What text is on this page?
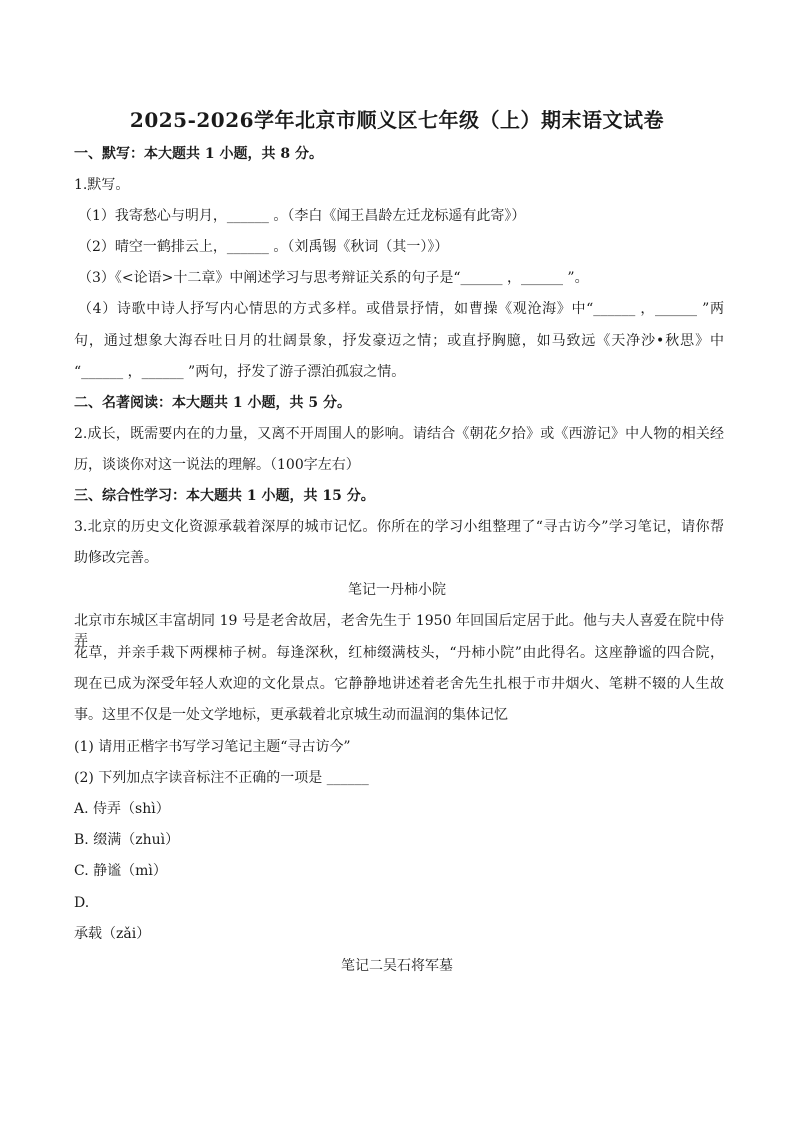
2025-2026学年北京市顺义区七年级（上）期末语文试卷
一、默写：本大题共 1 小题，共 8 分。
1.默写。
（1）我寄愁心与明月，______ 。（李白《闻王昌龄左迁龙标遥有此寄》）
（2）晴空一鹤排云上，______ 。（刘禹锡《秋词（其一）》）
（3）《<论语>十二章》中阐述学习与思考辩证关系的句子是“______ ，______ ”。
（4）诗歌中诗人抒写内心情思的方式多样。或借景抒情，如曹操《观沧海》中“______ ，______ ”两
句，通过想象大海吞吐日月的壮阔景象，抒发豪迈之情；或直抒胸臆，如马致远《天净沙•秋思》中
“______ ，______ ”两句，抒发了游子漂泊孤寂之情。
二、名著阅读：本大题共 1 小题，共 5 分。
2.成长，既需要内在的力量，又离不开周围人的影响。请结合《朝花夕拾》或《西游记》中人物的相关经
历，谈谈你对这一说法的理解。（100字左右）
三、综合性学习：本大题共 1 小题，共 15 分。
3.北京的历史文化资源承载着深厚的城市记忆。你所在的学习小组整理了“寻古访今”学习笔记，请你帮
助修改完善。
笔记一丹柿小院
北京市东城区丰富胡同 19 号是老舍故居，老舍先生于 1950 年回国后定居于此。他与夫人喜爱在院中侍弄
花草，并亲手栽下两棵柿子树。每逢深秋，红柿缀满枝头，“丹柿小院”由此得名。这座静谧的四合院，
现在已成为深受年轻人欢迎的文化景点。它静静地讲述着老舍先生扎根于市井烟火、笔耕不辍的人生故
事。这里不仅是一处文学地标，更承载着北京城生动而温润的集体记忆
(1) 请用正楷字书写学习笔记主题“寻古访今”
(2) 下列加点字读音标注不正确的一项是 ______
A. 侍弄（shì）
B. 缀满（zhuì）
C. 静谧（mì）
D.
承载（zǎi）
笔记二吴石将军墓
